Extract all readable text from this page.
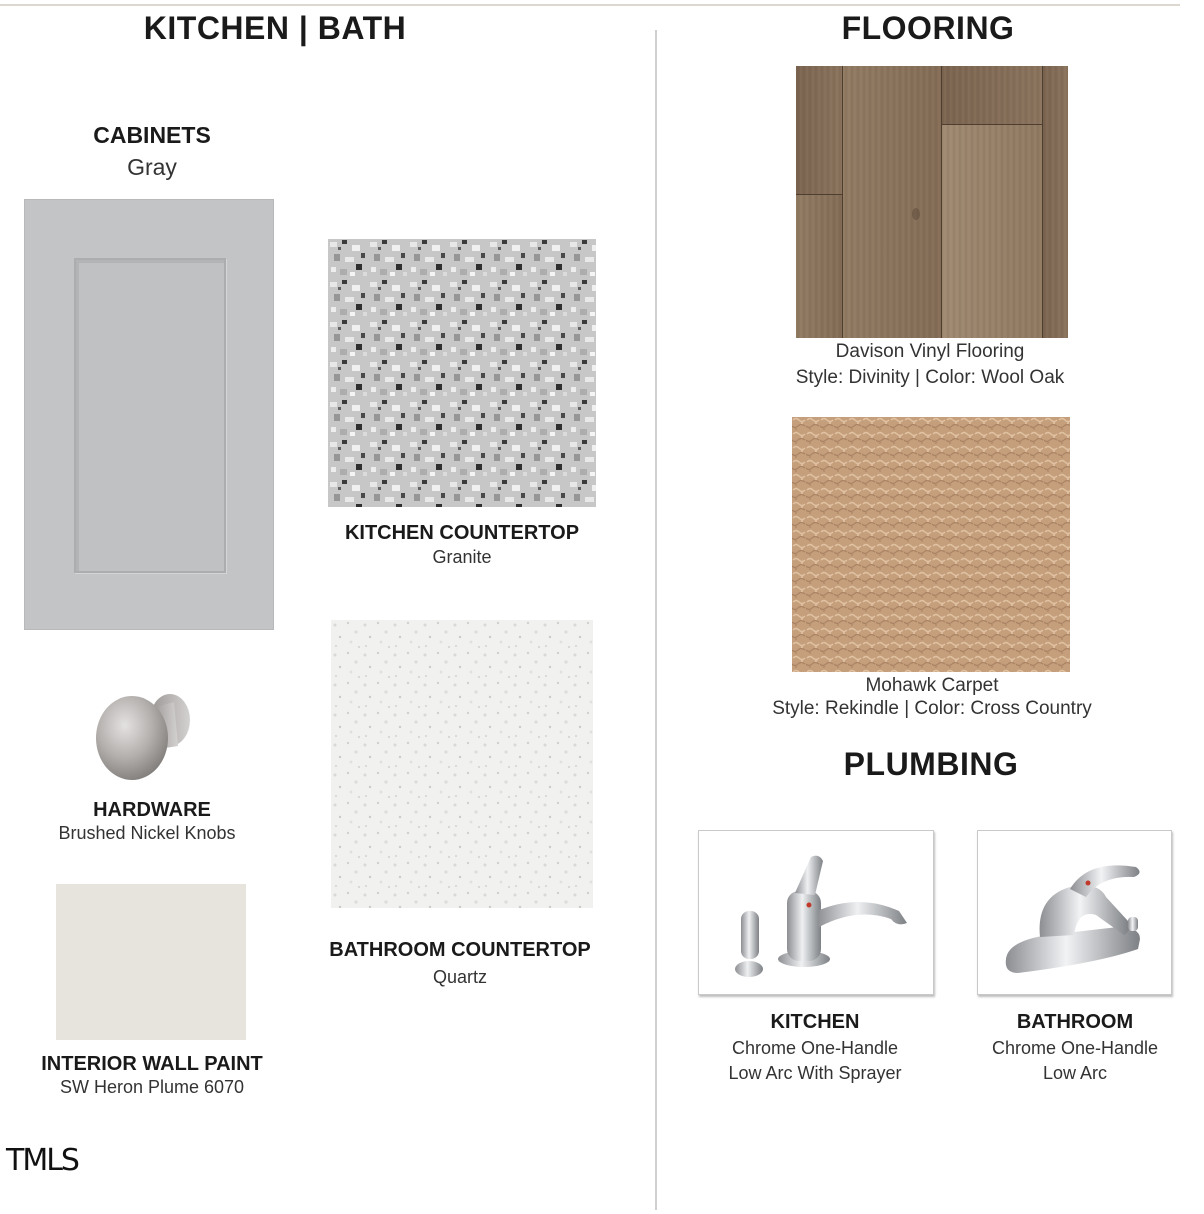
KITCHEN | BATH
CABINETS
Gray
KITCHEN COUNTERTOP
Granite
BATHROOM COUNTERTOP
Quartz
HARDWARE
Brushed Nickel Knobs
INTERIOR WALL PAINT
SW Heron Plume 6070
FLOORING
Davison Vinyl Flooring
Style: Divinity | Color: Wool Oak
Mohawk Carpet
Style: Rekindle | Color: Cross Country
PLUMBING
KITCHEN
Chrome One-Handle
Low Arc With Sprayer
BATHROOM
Chrome One-Handle
Low Arc
TMLS
